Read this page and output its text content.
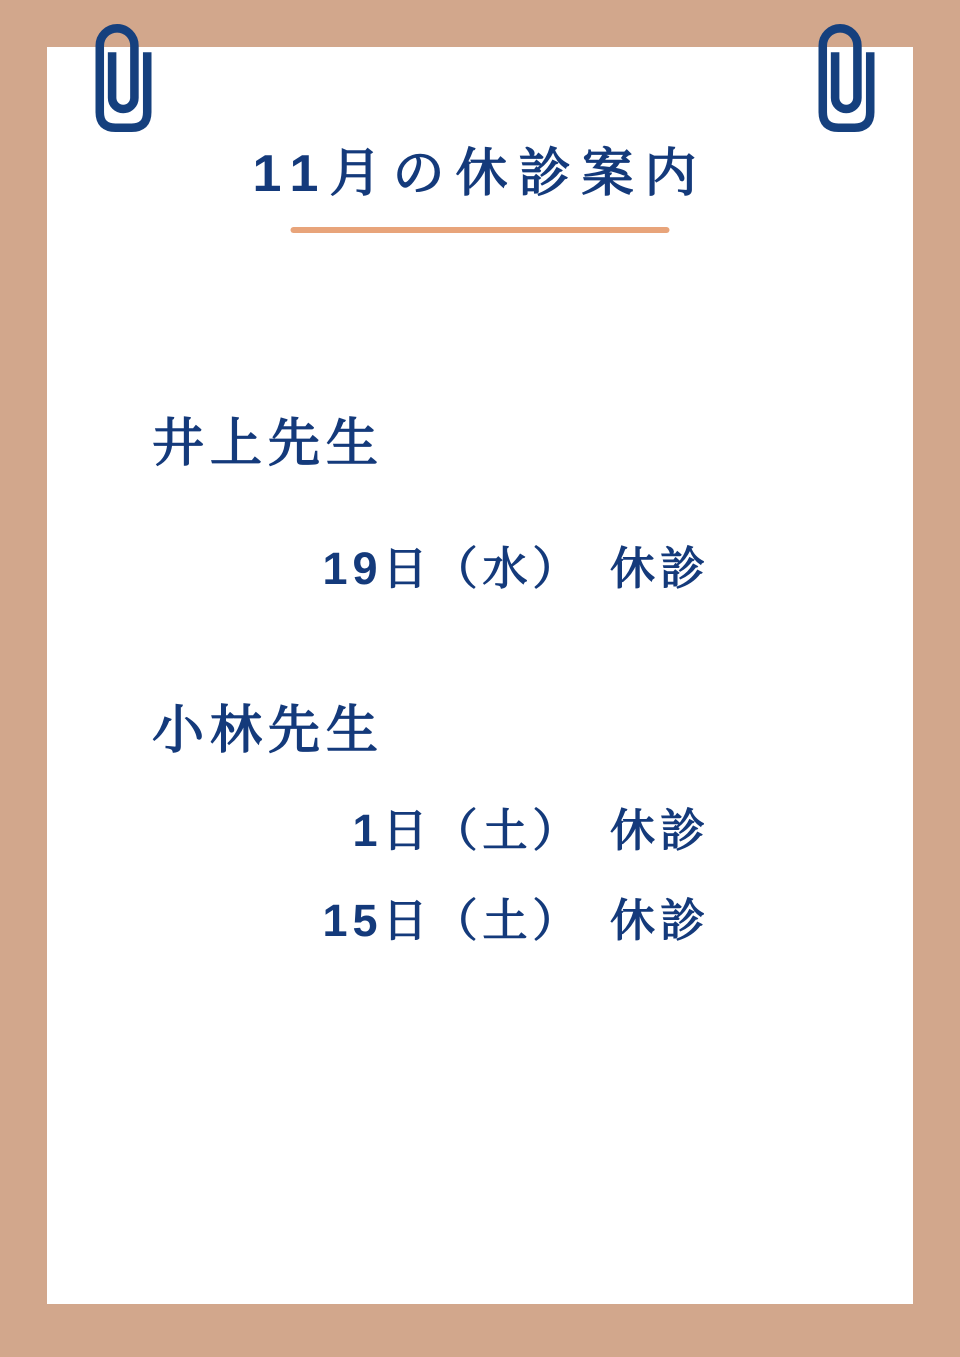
11月の休診案内
井上先生
19日（水）　休診
小林先生
1日（土）　休診
15日（土）　休診
